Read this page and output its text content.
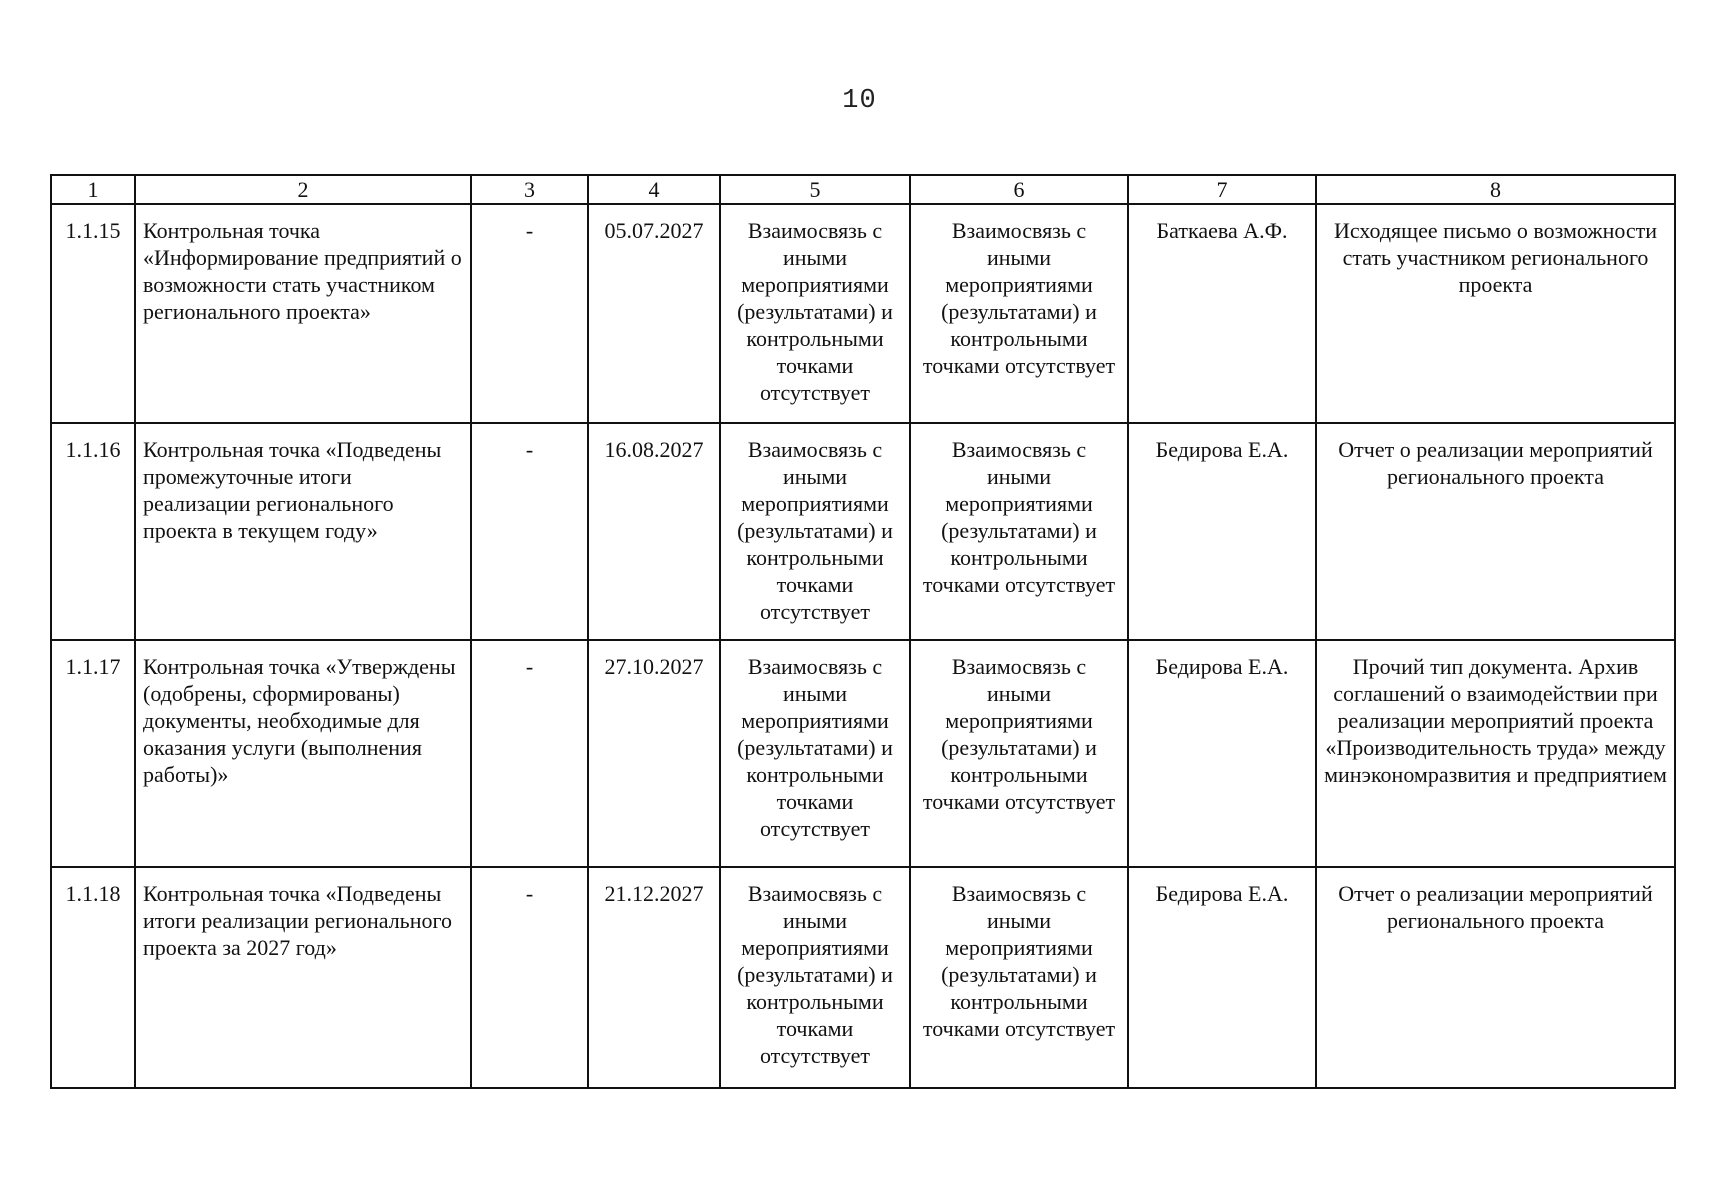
10
1	2	3	4	5	6	7	8
1.1.15	Контрольная точка «Информирование предприятий о возможности стать участником регионального проекта»	-	05.07.2027	Взаимосвязь с иными мероприятиями (результатами) и контрольными точками отсутствует	Взаимосвязь с иными мероприятиями (результатами) и контрольными точками отсутствует	Баткаева А.Ф.	Исходящее письмо о возможности стать участником регионального проекта
1.1.16	Контрольная точка «Подведены промежуточные итоги реализации регионального проекта в текущем году»	-	16.08.2027	Взаимосвязь с иными мероприятиями (результатами) и контрольными точками отсутствует	Взаимосвязь с иными мероприятиями (результатами) и контрольными точками отсутствует	Бедирова Е.А.	Отчет о реализации мероприятий регионального проекта
1.1.17	Контрольная точка «Утверждены (одобрены, сформированы) документы, необходимые для оказания услуги (выполнения работы)»	-	27.10.2027	Взаимосвязь с иными мероприятиями (результатами) и контрольными точками отсутствует	Взаимосвязь с иными мероприятиями (результатами) и контрольными точками отсутствует	Бедирова Е.А.	Прочий тип документа. Архив соглашений о взаимодействии при реализации мероприятий проекта «Производительность труда» между минэкономразвития и предприятием
1.1.18	Контрольная точка «Подведены итоги реализации регионального проекта за 2027 год»	-	21.12.2027	Взаимосвязь с иными мероприятиями (результатами) и контрольными точками отсутствует	Взаимосвязь с иными мероприятиями (результатами) и контрольными точками отсутствует	Бедирова Е.А.	Отчет о реализации мероприятий регионального проекта
